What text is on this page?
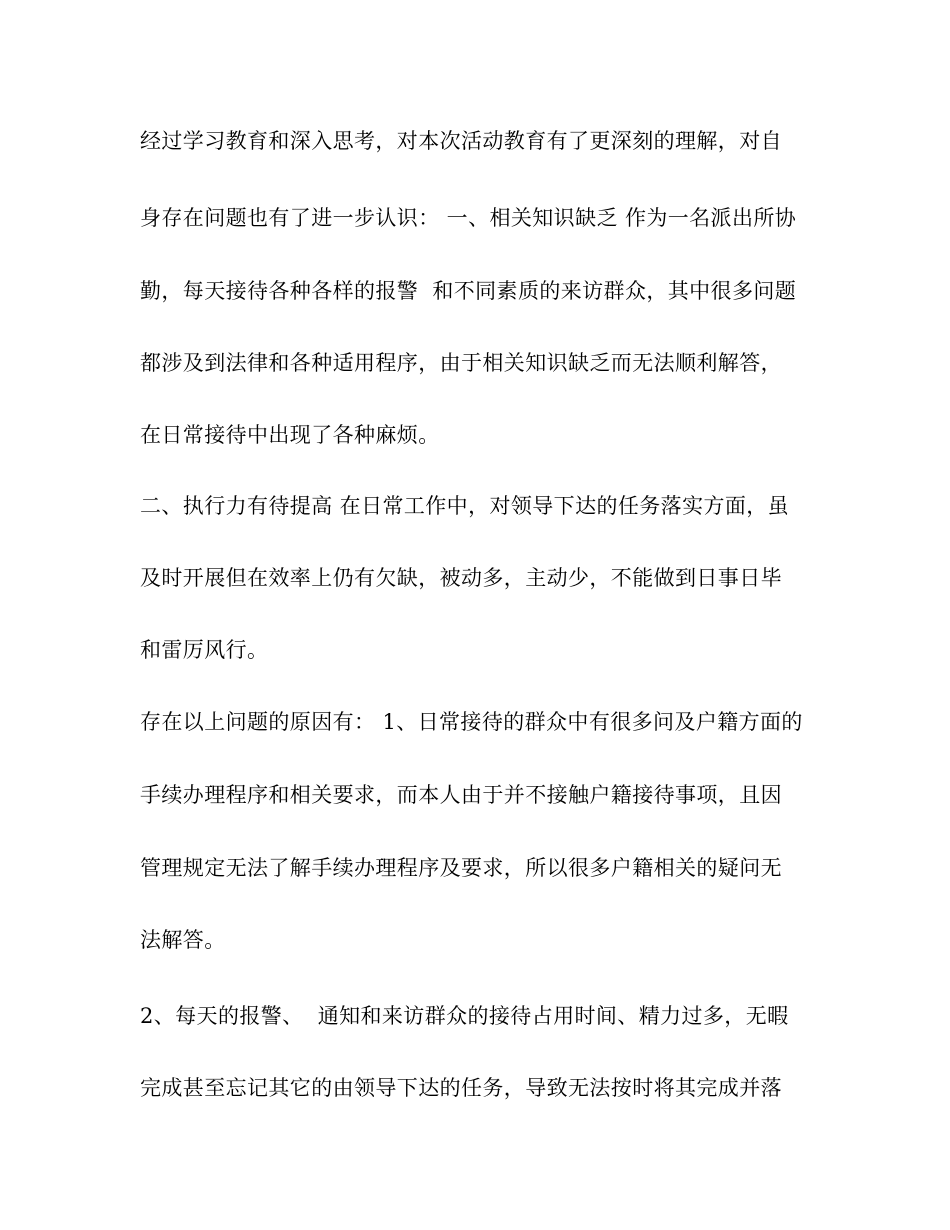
经过学习教育和深入思考，对本次活动教育有了更深刻的理解，对自
身存在问题也有了进一步认识： 一、相关知识缺乏 作为一名派出所协
勤，每天接待各种各样的报警  和不同素质的来访群众，其中很多问题
都涉及到法律和各种适用程序，由于相关知识缺乏而无法顺利解答，
在日常接待中出现了各种麻烦。
二、执行力有待提高 在日常工作中，对领导下达的任务落实方面，虽
及时开展但在效率上仍有欠缺，被动多，主动少，不能做到日事日毕
和雷厉风行。
存在以上问题的原因有： 1、日常接待的群众中有很多问及户籍方面的
手续办理程序和相关要求，而本人由于并不接触户籍接待事项，且因
管理规定无法了解手续办理程序及要求，所以很多户籍相关的疑问无
法解答。
2、每天的报警、  通知和来访群众的接待占用时间、精力过多，无暇
完成甚至忘记其它的由领导下达的任务，导致无法按时将其完成并落
